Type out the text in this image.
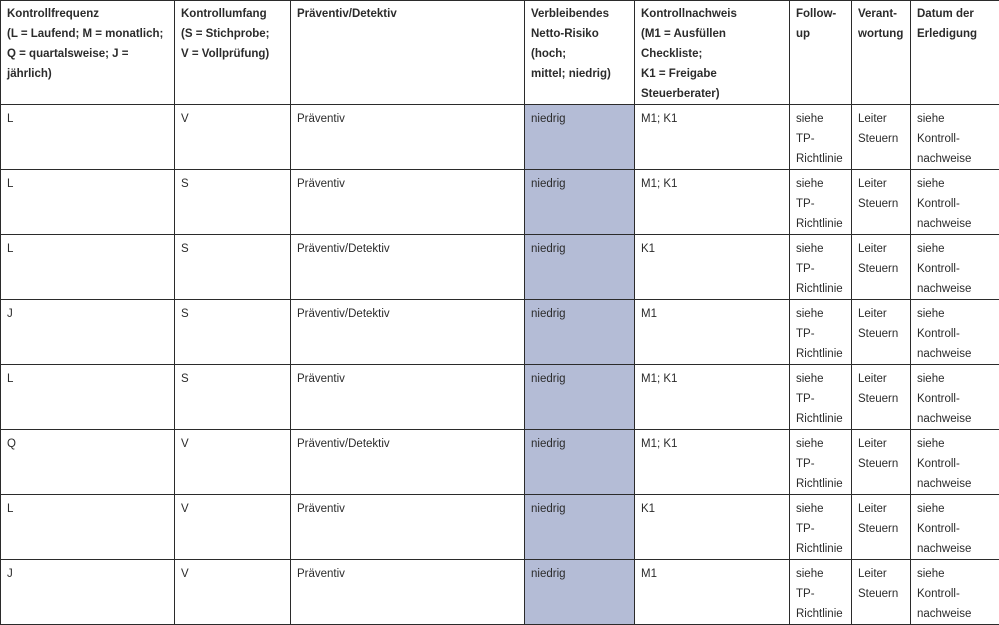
Kontrollfrequenz
(L = Laufend; M = monatlich;
Q = quartalsweise; J = jährlich)	Kontrollumfang
(S = Stichprobe;
V = Vollprüfung)	Präventiv/Detektiv	Verbleibendes
Netto-Risiko (hoch;
mittel; niedrig)	Kontrollnachweis
(M1 = Ausfüllen Checkliste;
K1 = Freigabe Steuerberater)	Follow-up	Verant-
wortung	Datum der
Erledigung
L	V	Präventiv	niedrig	M1; K1	siehe
TP-
Richtlinie	Leiter
Steuern	siehe
Kontroll-
nachweise
L	S	Präventiv	niedrig	M1; K1	siehe
TP-
Richtlinie	Leiter
Steuern	siehe
Kontroll-
nachweise
L	S	Präventiv/Detektiv	niedrig	K1	siehe
TP-
Richtlinie	Leiter
Steuern	siehe
Kontroll-
nachweise
J	S	Präventiv/Detektiv	niedrig	M1	siehe
TP-
Richtlinie	Leiter
Steuern	siehe
Kontroll-
nachweise
L	S	Präventiv	niedrig	M1; K1	siehe
TP-
Richtlinie	Leiter
Steuern	siehe
Kontroll-
nachweise
Q	V	Präventiv/Detektiv	niedrig	M1; K1	siehe
TP-
Richtlinie	Leiter
Steuern	siehe
Kontroll-
nachweise
L	V	Präventiv	niedrig	K1	siehe
TP-
Richtlinie	Leiter
Steuern	siehe
Kontroll-
nachweise
J	V	Präventiv	niedrig	M1	siehe
TP-
Richtlinie	Leiter
Steuern	siehe
Kontroll-
nachweise
